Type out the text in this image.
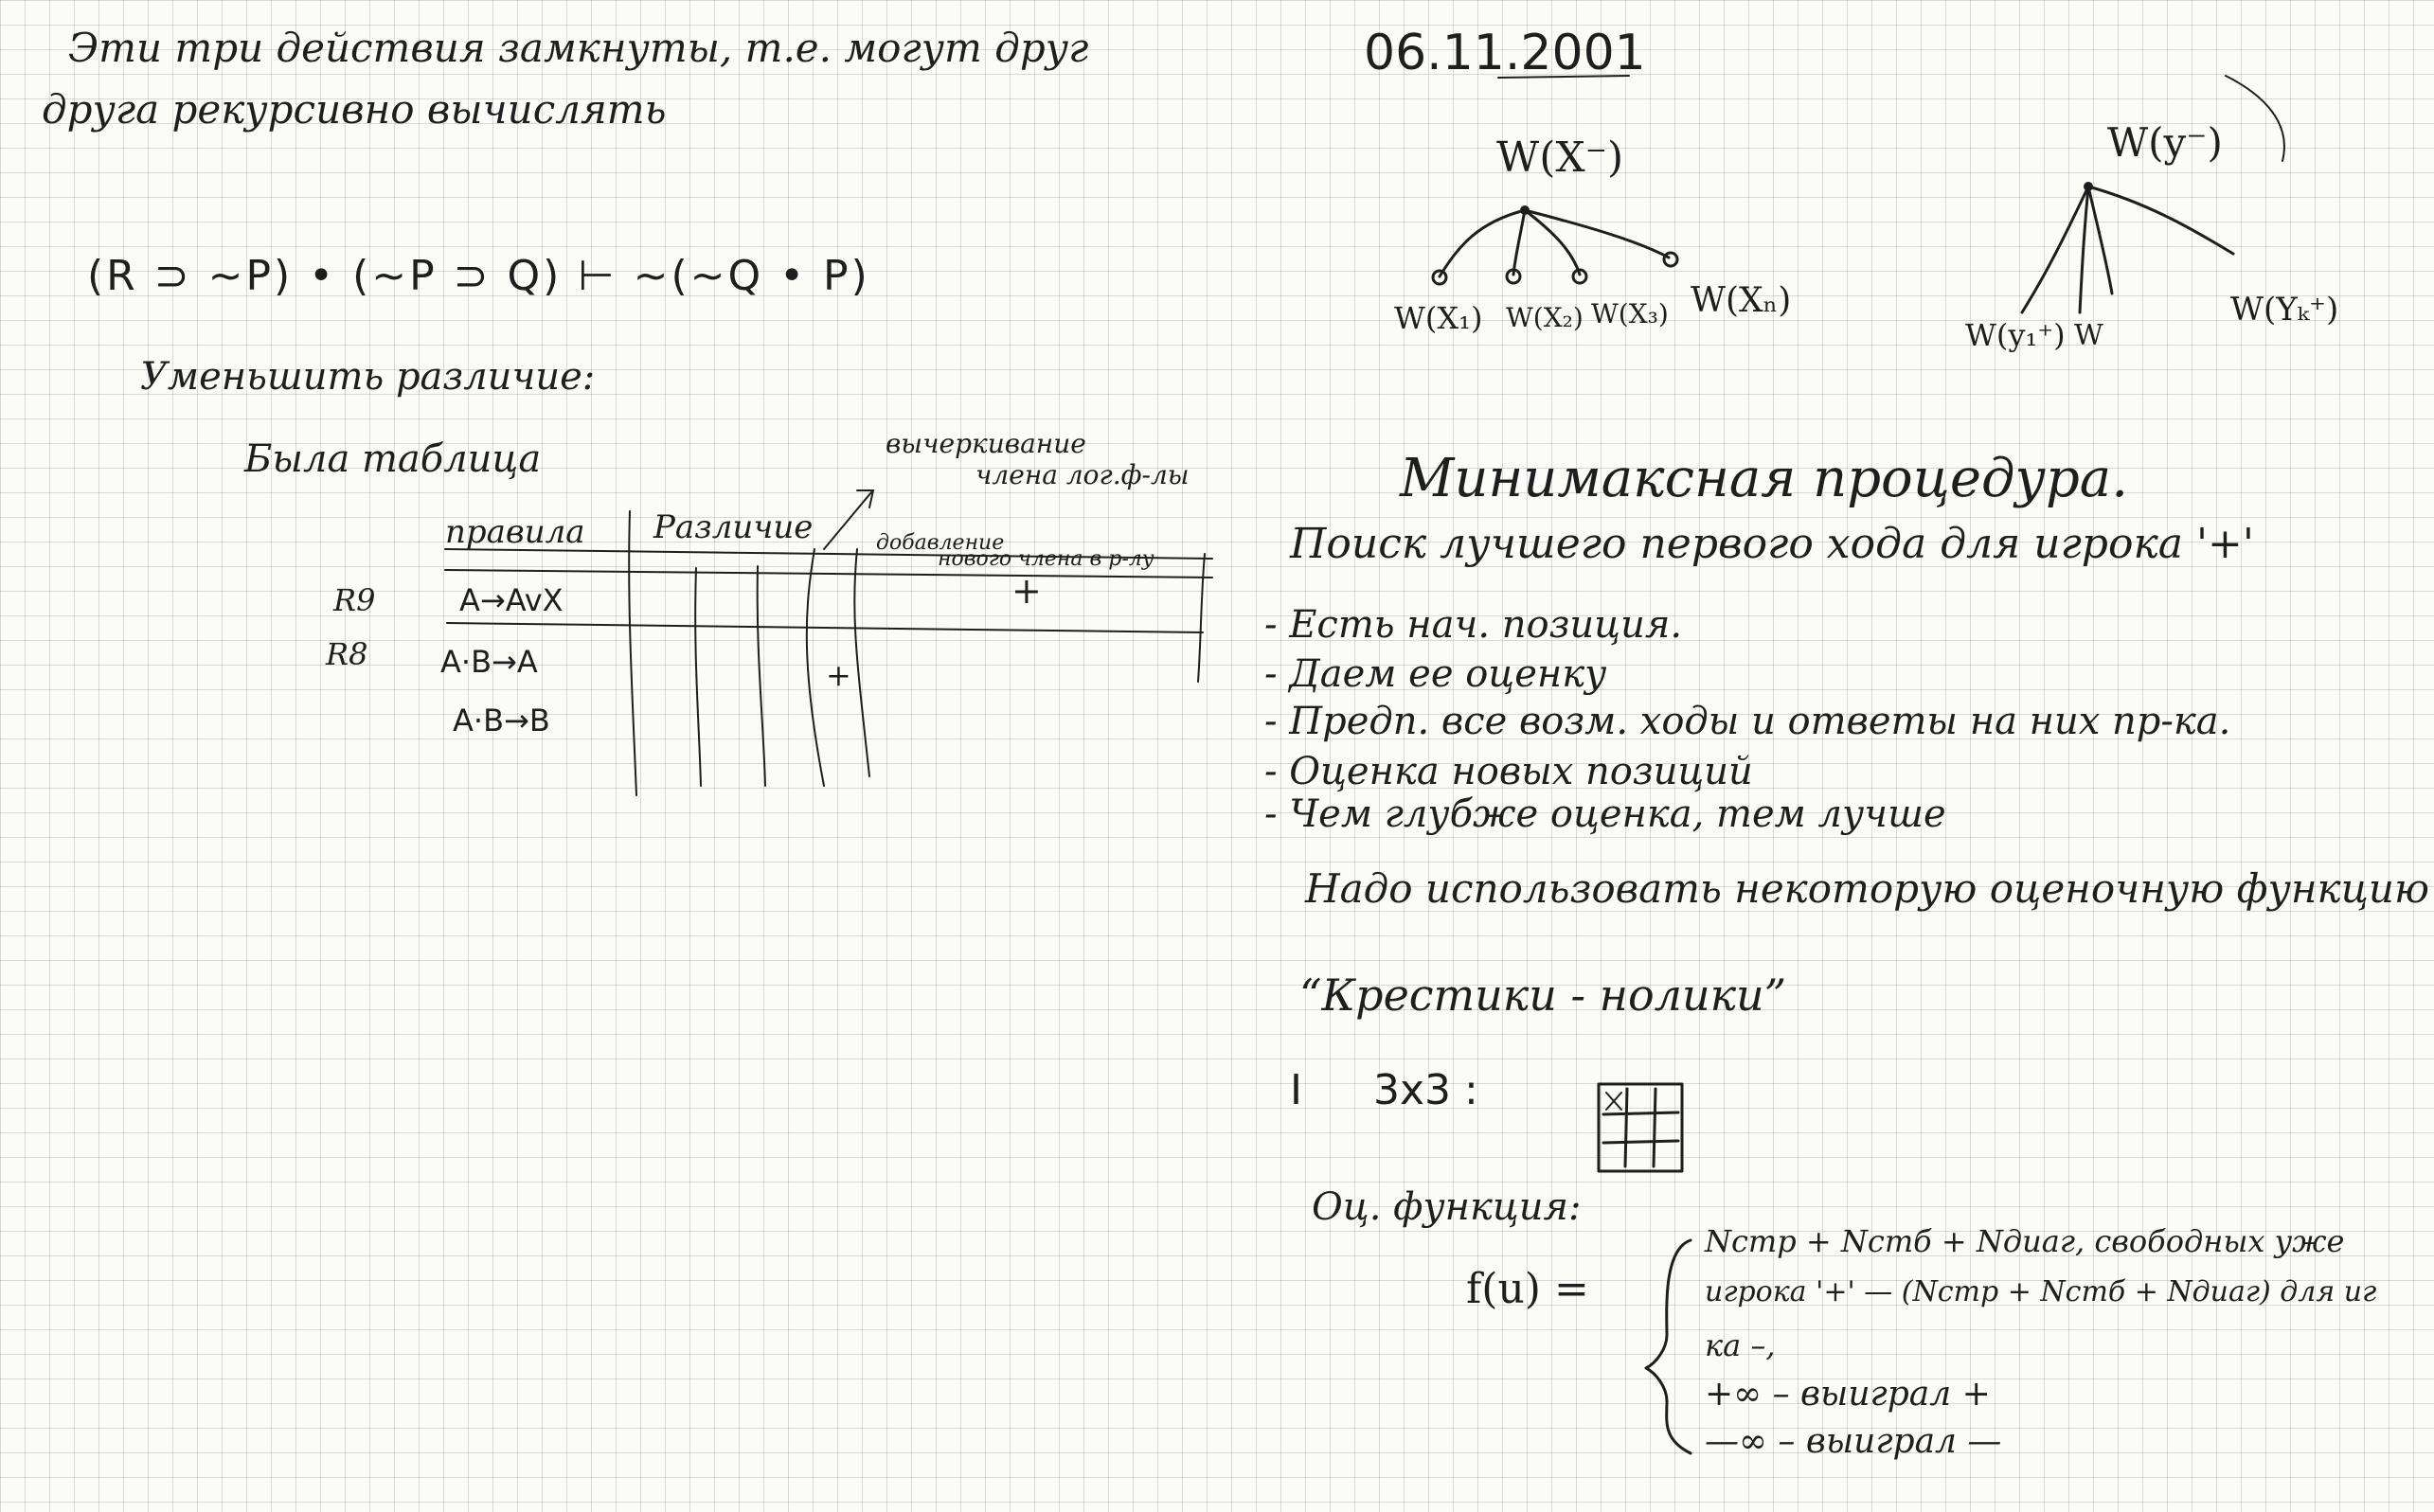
Эти три действия замкнуты, т.е. могут друг

друга рекурсивно вычислять

(R ⊃ ~P) • (~P ⊃ Q) ⊢ ~(~Q • P)

Уменьшить различие:

Была таблица	вычеркивание

члена лог.ф-лы

правила Различие	добавление

нового члена в р-лу

R9

R8

A→AvX

A·B→A

A·B→B

+

+

06.11.2001

W(X⁻)

W(X₁) W(X₂) W(X₃) W(Xₙ)

W(y⁻)

W(y₁⁺) W

W(Yₖ⁺)

Минимаксная процедура.

Поиск лучшего первого хода для игрока '+'

- Есть нач. позиция.

- Даем ее оценку

- Предп. все возм. ходы и ответы на них пр-ка.

- Оценка новых позиций

- Чем глубже оценка, тем лучше

Надо использовать некоторую оценочную функцию

“Крестики - нолики”

I 3x3 :

Оц. функция:

f(u) =

Nстр + Nстб + Nдиаг, свободных уже

игрока '+' — (Nстр + Nстб + Nдиаг) для иг

ка –,

+∞ – выиграл +

—∞ – выиграл —
